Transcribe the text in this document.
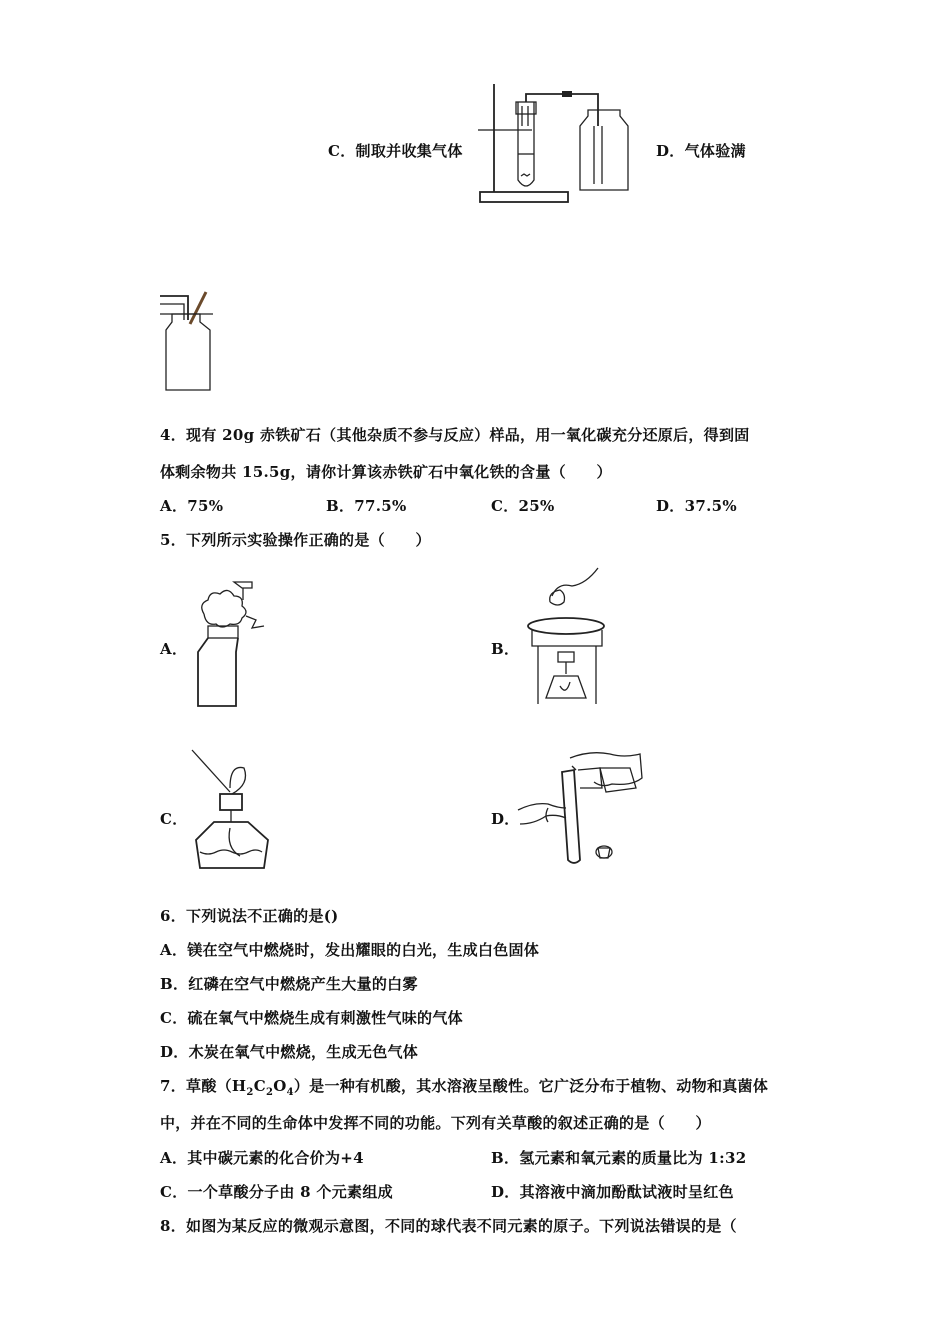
C．制取并收集气体	D．气体验满
4．现有 20g 赤铁矿石（其他杂质不参与反应）样品，用一氧化碳充分还原后，得到固
体剩余物共 15.5g，请你计算该赤铁矿石中氧化铁的含量（　　）
A．75%	B．77.5%	C．25%	D．37.5%
5．下列所示实验操作正确的是（　　）
A．	B．
C．	D．
6．下列说法不正确的是()
A．镁在空气中燃烧时，发出耀眼的白光，生成白色固体
B．红磷在空气中燃烧产生大量的白雾
C．硫在氧气中燃烧生成有刺激性气味的气体
D．木炭在氧气中燃烧，生成无色气体
7．草酸$(H_2C_2O_4)$是一种有机酸，其水溶液呈酸性。它广泛分布于植物、动物和真菌体
中，并在不同的生命体中发挥不同的功能。下列有关草酸的叙述正确的是（　　）
A．其中碳元素的化合价为+4	B．氢元素和氧元素的质量比为 1:32
C．一个草酸分子由 8 个元素组成	D．其溶液中滴加酚酞试液时呈红色
8．如图为某反应的微观示意图，不同的球代表不同元素的原子。下列说法错误的是（
